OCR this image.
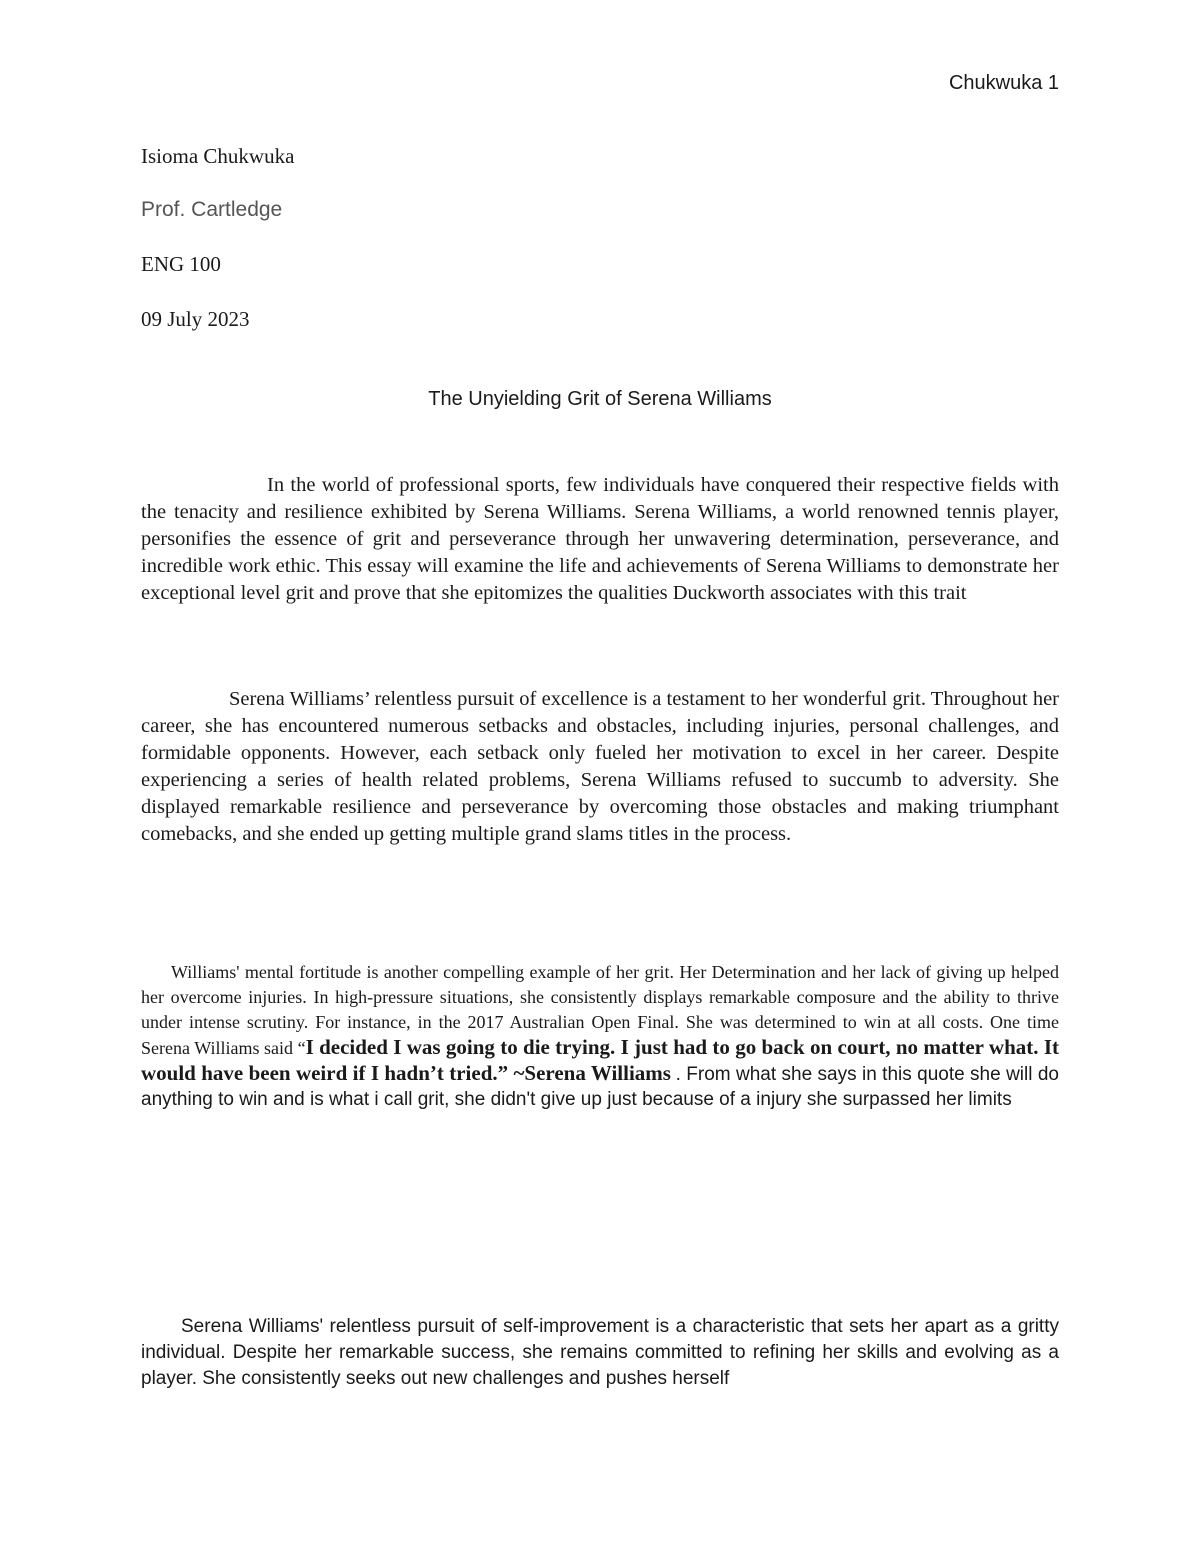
Chukwuka 1
Isioma Chukwuka
Prof. Cartledge
ENG 100
09 July 2023
The Unyielding Grit of Serena Williams

In the world of professional sports, few individuals have conquered their respective fields with the tenacity and resilience exhibited by Serena Williams. Serena Williams, a world renowned tennis player, personifies the essence of grit and perseverance through her unwavering determination, perseverance, and incredible work ethic. This essay will examine the life and achievements of Serena Williams to demonstrate her exceptional level grit and prove that she epitomizes the qualities Duckworth associates with this trait

Serena Williams’ relentless pursuit of excellence is a testament to her wonderful grit. Throughout her career, she has encountered numerous setbacks and obstacles, including injuries, personal challenges, and formidable opponents. However, each setback only fueled her motivation to excel in her career. Despite experiencing a series of health related problems, Serena Williams refused to succumb to adversity. She displayed remarkable resilience and perseverance by overcoming those obstacles and making triumphant comebacks, and she ended up getting multiple grand slams titles in the process.

Williams' mental fortitude is another compelling example of her grit. Her Determination and her lack of giving up helped her overcome injuries. In high-pressure situations, she consistently displays remarkable composure and the ability to thrive under intense scrutiny. For instance, in the 2017 Australian Open Final. She was determined to win at all costs. One time Serena Williams said “I decided I was going to die trying. I just had to go back on court, no matter what. It would have been weird if I hadn’t tried.” ~Serena Williams . From what she says in this quote she will do anything to win and is what i call grit, she didn't give up just because of a injury she surpassed her limits

Serena Williams' relentless pursuit of self-improvement is a characteristic that sets her apart as a gritty individual. Despite her remarkable success, she remains committed to refining her skills and evolving as a player. She consistently seeks out new challenges and pushes herself
